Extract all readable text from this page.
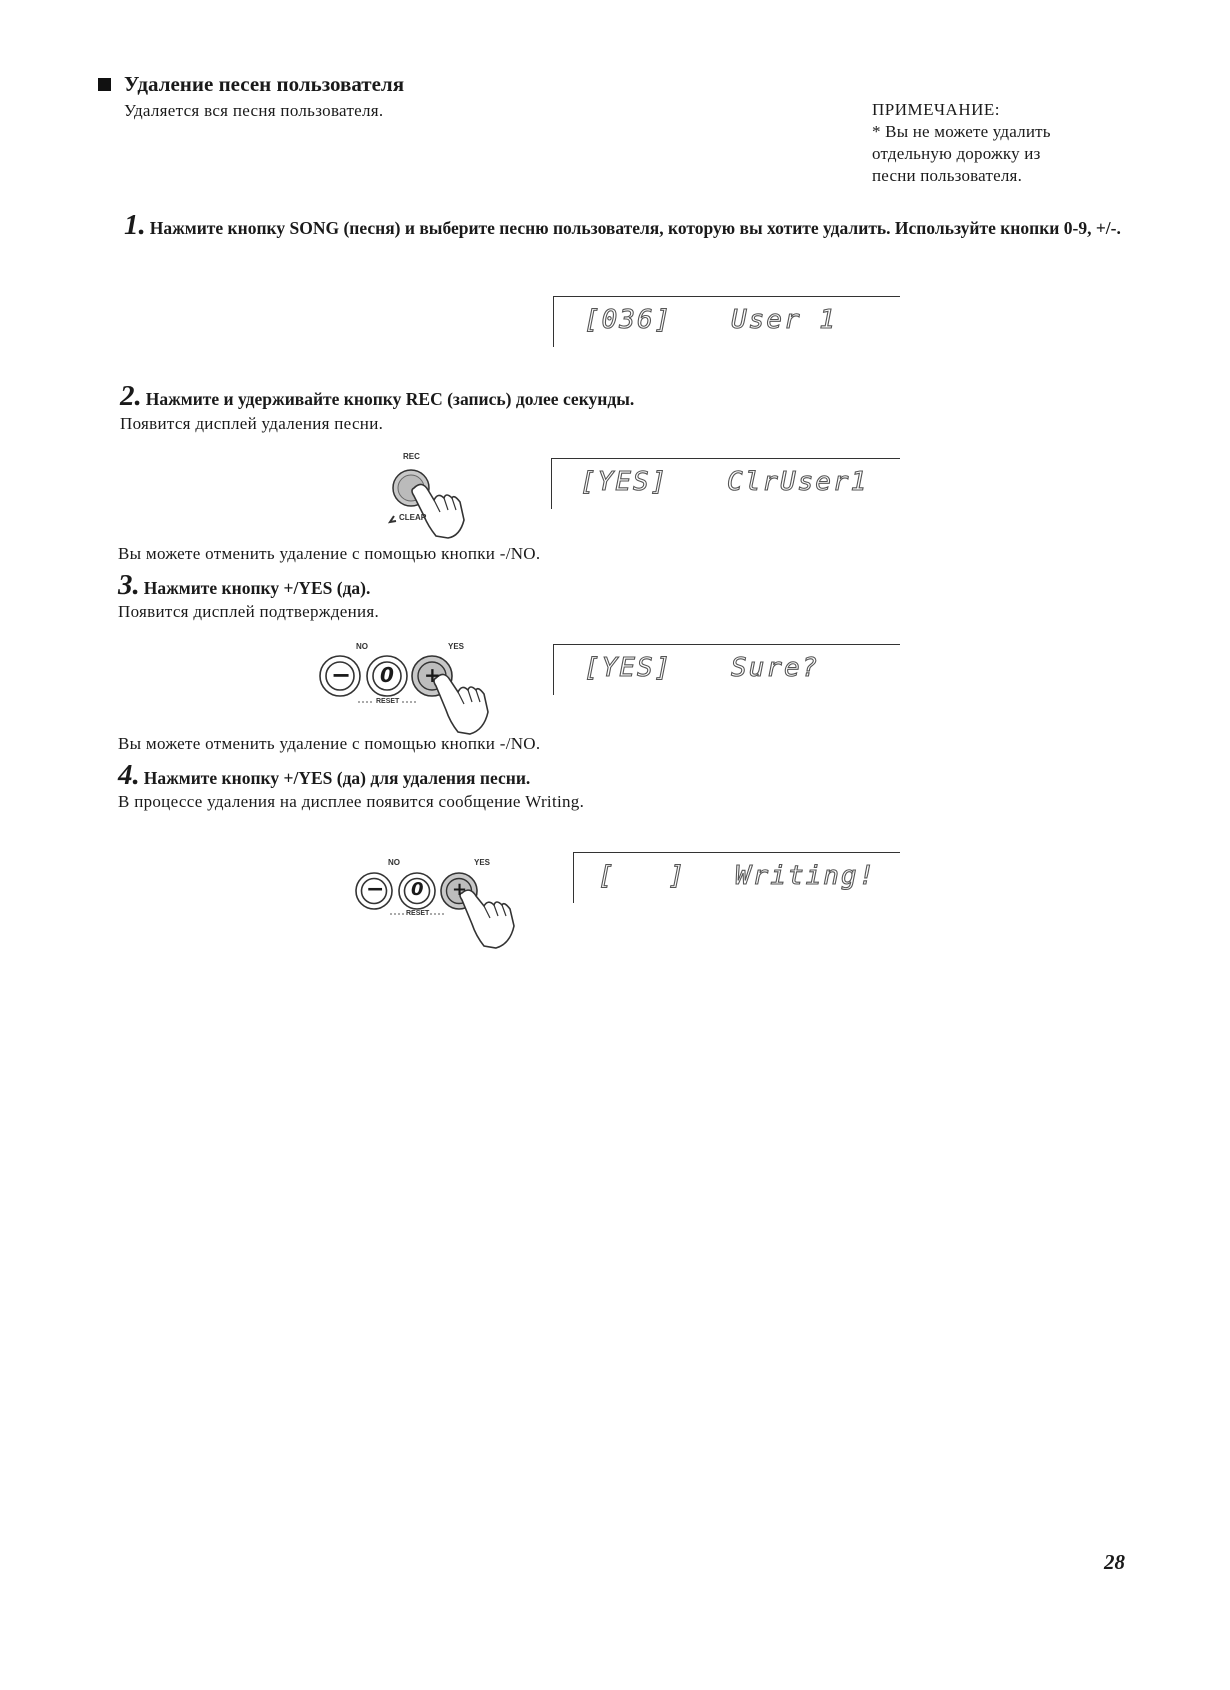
Удаление песен пользователя
Удаляется вся песня пользователя.	ПРИМЕЧАНИЕ:
* Вы не можете удалить
отдельную дорожку из
песни пользователя.
1. Нажмите кнопку SONG (песня) и выберите песню пользователя, которую вы хотите удалить. Используйте кнопки 0-9, +/-.
[036] User 1
2. Нажмите и удерживайте кнопку REC (запись) долее секунды.
Появится дисплей удаления песни.
REC
CLEAR
[YES] ClrUser1
Вы можете отменить удаление с помощью кнопки -/NO.
3. Нажмите кнопку +/YES (да).
Появится дисплей подтверждения.
− 0 +
NO	YES
RESET
[YES] Sure?
Вы можете отменить удаление с помощью кнопки -/NO.
4. Нажмите кнопку +/YES (да) для удаления песни.
В процессе удаления на дисплее появится сообщение Writing.
− 0 +
NO	YES
RESET
[   ] Writing!
28
